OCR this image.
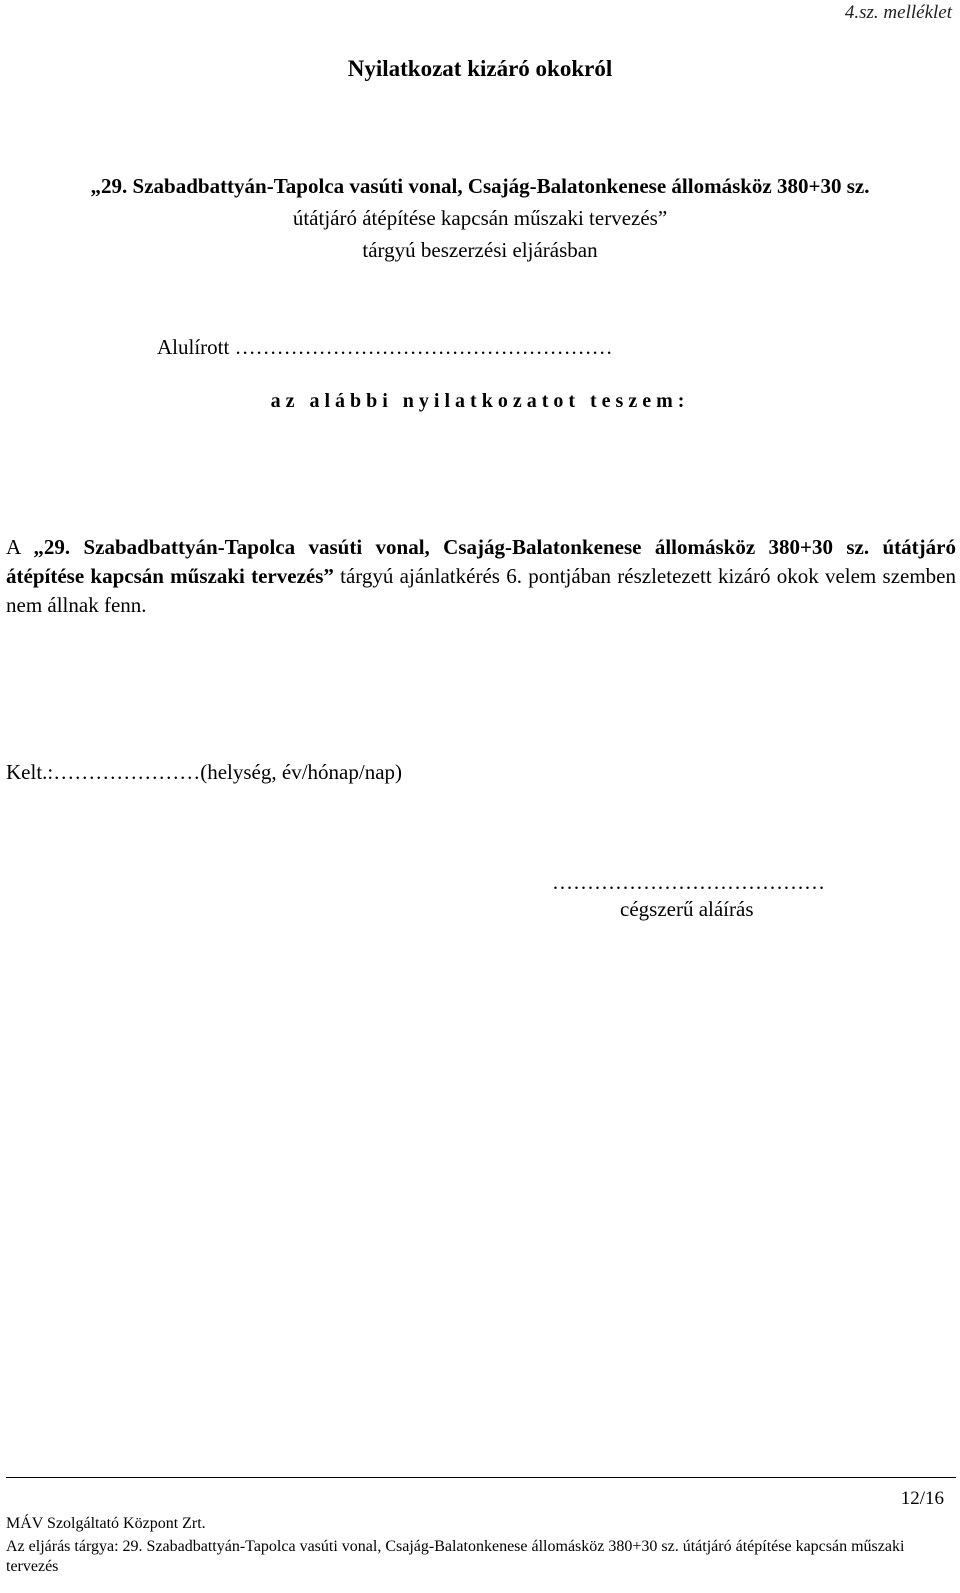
4.sz. melléklet
Nyilatkozat kizáró okokról
„29. Szabadbattyán-Tapolca vasúti vonal, Csajág-Balatonkenese állomásköz 380+30 sz.
útátjáró átépítése kapcsán műszaki tervezés”
tárgyú beszerzési eljárásban
Alulírott ………………………………………………
az alábbi nyilatkozatot teszem:
A „29. Szabadbattyán-Tapolca vasúti vonal, Csajág-Balatonkenese állomásköz 380+30 sz. útátjáró átépítése kapcsán műszaki tervezés” tárgyú ajánlatkérés 6. pontjában részletezett kizáró okok velem szemben nem állnak fenn.
Kelt.:…………………(helység, év/hónap/nap)
…………………………………
cégszerű aláírás
12/16
MÁV Szolgáltató Központ Zrt.
Az eljárás tárgya: 29. Szabadbattyán-Tapolca vasúti vonal, Csajág-Balatonkenese állomásköz 380+30 sz. útátjáró átépítése kapcsán műszaki tervezés
